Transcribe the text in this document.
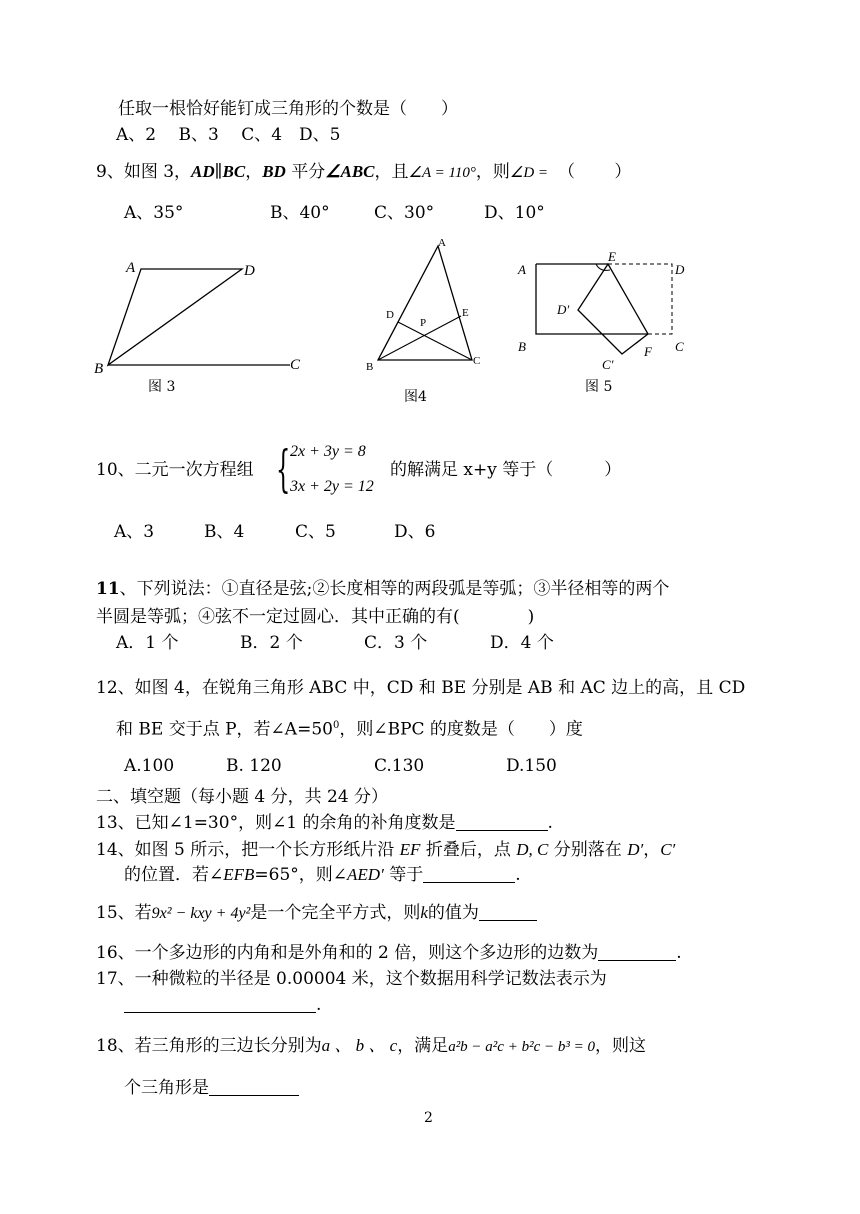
任取一根恰好能钉成三角形的个数是（　　）
A、2　 B、3　 C、4　D、5
9、如图 3，AD∥BC，BD 平分∠ABC，且∠A = 110°，则∠D = （　　 ）
A、35°	B、40°	C、30°	D、10°
A	D
B	C
图 3
A
D
P
E
B	C
图4
A
E
D
D′
B	C
C′
F
图 5
10、二元一次方程组 { 2x + 3y = 8
3x + 2y = 12
的解满足 x+y 等于（　　　）
A、3	B、4	C、5	D、6
11、下列说法：①直径是弦;②长度相等的两段弧是等弧；③半径相等的两个
半圆是等弧；④弦不一定过圆心．其中正确的有(　　　　)
A．1 个	B．2 个	C．3 个	D．4 个
12、如图 4，在锐角三角形 ABC 中，CD 和 BE 分别是 AB 和 AC 边上的高，且 CD
和 BE 交于点 P，若$\angle A=50^0$，则∠BPC 的度数是（　　）度
A.100	B. 120	C.130	D.150
二、填空题（每小题 4 分，共 24 分）
13、已知∠1=30°，则∠1 的余角的补角度数是	.
14、如图 5 所示，把一个长方形纸片沿 EF 折叠后，点 D, C 分别落在 D′，C′
的位置．若∠EFB=65°，则∠AED′ 等于	.
15、若9x² − kxy + 4y²是一个完全平方式，则k的值为
16、一个多边形的内角和是外角和的 2 倍，则这个多边形的边数为	.
17、一种微粒的半径是 0.00004 米，这个数据用科学记数法表示为
.
18、若三角形的三边长分别为a 、 b 、 c，满足a²b − a²c + b²c − b³ = 0，则这
个三角形是
2
